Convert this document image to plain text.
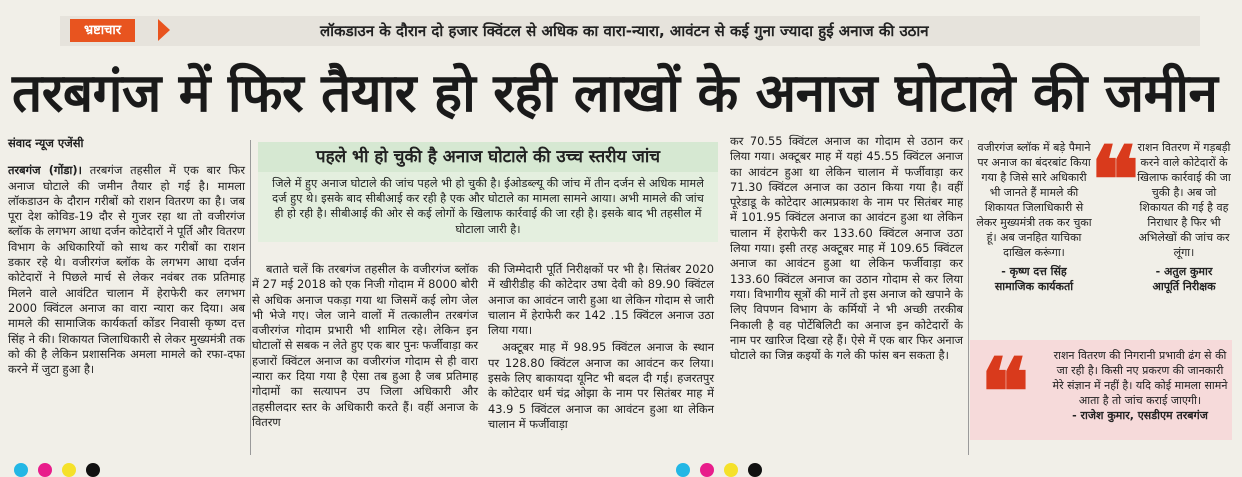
भ्रष्टाचार	लॉकडाउन के दौरान दो हजार क्विंटल से अधिक का वारा-न्यारा, आवंटन से कई गुना ज्यादा हुई अनाज की उठान
तरबगंज में फिर तैयार हो रही लाखों के अनाज घोटाले की जमीन

संवाद न्यूज एजेंसी

तरबगंज (गोंडा)। तरबगंज तहसील में एक बार फिर अनाज घोटाले की जमीन तैयार हो गई है। मामला लॉकडाउन के दौरान गरीबों को राशन वितरण का है। जब पूरा देश कोविड-19 दौर से गुजर रहा था तो वजीरगंज ब्लॉक के लगभग आधा दर्जन कोटेदारों ने पूर्ति और वितरण विभाग के अधिकारियों को साथ कर गरीबों का राशन डकार रहे थे। वजीरगंज ब्लॉक के लगभग आधा दर्जन कोटेदारों ने पिछले मार्च से लेकर नवंबर तक प्रतिमाह मिलने वाले आवंटित चालान में हेराफेरी कर लगभग 2000 क्विंटल अनाज का वारा न्यारा कर दिया। अब मामले की सामाजिक कार्यकर्ता कोंडर निवासी कृष्ण दत्त सिंह ने की। शिकायत जिलाधिकारी से लेकर मुख्यमंत्री तक को की है लेकिन प्रशासनिक अमला मामले को रफा-दफा करने में जुटा हुआ है।

पहले भी हो चुकी है अनाज घोटाले की उच्च स्तरीय जांच

जिले में हुए अनाज घोटाले की जांच पहले भी हो चुकी है। ईओडब्ल्यू की जांच में तीन दर्जन से अधिक मामले दर्ज हुए थे। इसके बाद सीबीआई कर रही है एक और घोटाले का मामला सामने आया। अभी मामले की जांच ही हो रही है। सीबीआई की ओर से कई लोगों के खिलाफ कार्रवाई की जा रही है। इसके बाद भी तहसील में घोटाला जारी है।

बताते चलें कि तरबगंज तहसील के वजीरगंज ब्लॉक में 27 मई 2018 को एक निजी गोदाम में 8000 बोरी से अधिक अनाज पकड़ा गया था जिसमें कई लोग जेल भी भेजे गए। जेल जाने वालों में तत्कालीन तरबगंज वजीरगंज गोदाम प्रभारी भी शामिल रहे। लेकिन इन घोटालों से सबक न लेते हुए एक बार पुनः फर्जीवाड़ा कर हजारों क्विंटल अनाज का वजीरगंज गोदाम से ही वारा न्यारा कर दिया गया है ऐसा तब हुआ है जब प्रतिमाह गोदामों का सत्यापन उप जिला अधिकारी और तहसीलदार स्तर के अधिकारी करते हैं। वहीं अनाज के वितरण

की जिम्मेदारी पूर्ति निरीक्षकों पर भी है। सितंबर 2020 में खीरीडीह की कोटेदार उषा देवी को 89.90 क्विंटल अनाज का आवंटन जारी हुआ था लेकिन गोदाम से जारी चालान में हेराफेरी कर 142 .15 क्विंटल अनाज उठा लिया गया।

अक्टूबर माह में 98.95 क्विंटल अनाज के स्थान पर 128.80 क्विंटल अनाज का आवंटन कर लिया। इसके लिए बाकायदा यूनिट भी बदल दी गई। हजरतपुर के कोटेदार धर्म चंद्र ओझा के नाम पर सितंबर माह में 43.9 5 क्विंटल अनाज का आवंटन हुआ था लेकिन चालान में फर्जीवाड़ा

कर 70.55 क्विंटल अनाज का गोदाम से उठान कर लिया गया। अक्टूबर माह में यहां 45.55 क्विंटल अनाज का आवंटन हुआ था लेकिन चालान में फर्जीवाड़ा कर 71.30 क्विंटल अनाज का उठान किया गया है। वहीं पूरेडाडू के कोटेदार आत्मप्रकाश के नाम पर सितंबर माह में 101.95 क्विंटल अनाज का आवंटन हुआ था लेकिन चालान में हेराफेरी कर 133.60 क्विंटल अनाज उठा लिया गया। इसी तरह अक्टूबर माह में 109.65 क्विंटल अनाज का आवंटन हुआ था लेकिन फर्जीवाड़ा कर 133.60 क्विंटल अनाज का उठान गोदाम से कर लिया गया। विभागीय सूत्रों की मानें तो इस अनाज को खपाने के लिए विपणन विभाग के कर्मियों ने भी अच्छी तरकीब निकाली है वह पोर्टेबिलिटी का अनाज इन कोटेदारों के नाम पर खारिज दिखा रहे हैं। ऐसे में एक बार फिर अनाज घोटाले का जिन्न कइयों के गले की फांस बन सकता है।

वजीरगंज ब्लॉक में बड़े पैमाने पर अनाज का बंदरबांट किया गया है जिसे सारे अधिकारी भी जानते हैं मामले की शिकायत जिलाधिकारी से लेकर मुख्यमंत्री तक कर चुका हूं। अब जनहित याचिका दाखिल करूंगा।
- कृष्ण दत्त सिंह
सामाजिक कार्यकर्ता
❝
राशन वितरण में गड़बड़ी करने वाले कोटेदारों के खिलाफ कार्रवाई की जा चुकी है। अब जो शिकायत की गई है वह निराधार है फिर भी अभिलेखों की जांच कर लूंगा।
- अतुल कुमार
आपूर्ति निरीक्षक
❝	राशन वितरण की निगरानी प्रभावी ढंग से की जा रही है। किसी नए प्रकरण की जानकारी मेरे संज्ञान में नहीं है। यदि कोई मामला सामने आता है तो जांच कराई जाएगी।
- राजेश कुमार, एसडीएम तरबगंज
